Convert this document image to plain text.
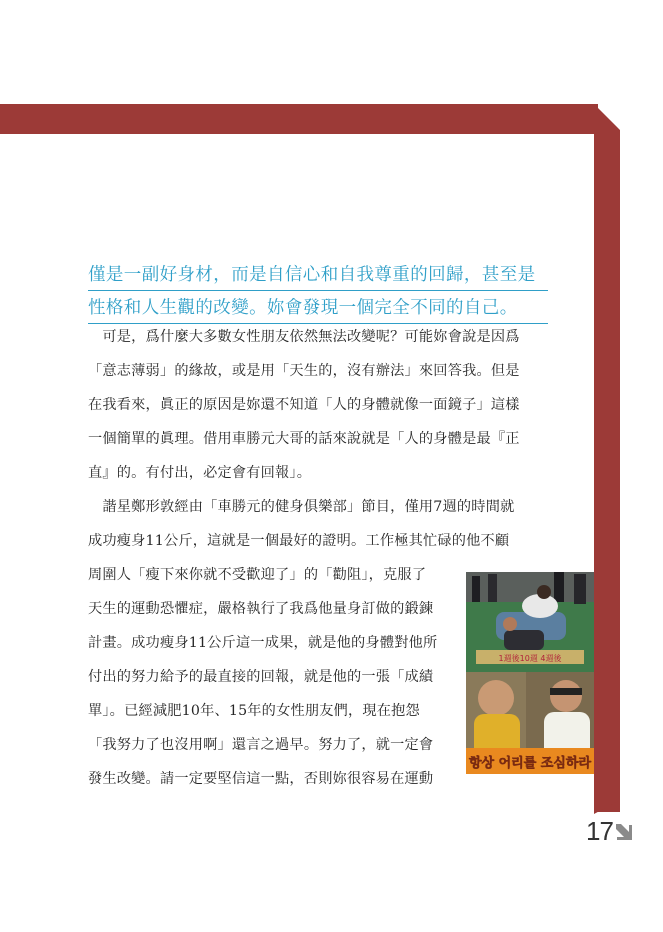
僅是一副好身材，而是自信心和自我尊重的回歸，甚至是
性格和人生觀的改變。妳會發現一個完全不同的自己。
　可是，爲什麼大多數女性朋友依然無法改變呢？可能妳會說是因爲
「意志薄弱」的緣故，或是用「天生的，沒有辦法」來回答我。但是
在我看來，眞正的原因是妳還不知道「人的身體就像一面鏡子」這樣
一個簡單的眞理。借用車勝元大哥的話來說就是「人的身體是最『正
直』的。有付出，必定會有回報」。
　諧星鄭形敦經由「車勝元的健身俱樂部」節目，僅用7週的時間就
成功瘦身11公斤，這就是一個最好的證明。工作極其忙碌的他不顧
周圍人「瘦下來你就不受歡迎了」的「勸阻」，克服了
天生的運動恐懼症，嚴格執行了我爲他量身訂做的鍛鍊
計畫。成功瘦身11公斤這一成果，就是他的身體對他所
付出的努力給予的最直接的回報，就是他的一張「成績
單」。已經減肥10年、15年的女性朋友們，現在抱怨
「我努力了也沒用啊」還言之過早。努力了，就一定會
發生改變。請一定要堅信這一點，否則妳很容易在運動
1週後10週 4週後
항상 어리를 조심하라
17
